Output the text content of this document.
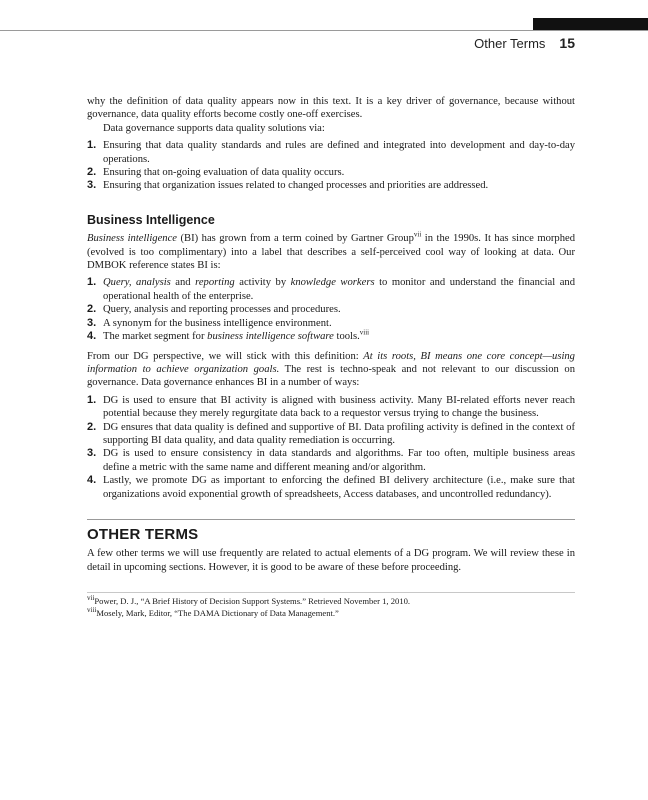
Other Terms 15

why the definition of data quality appears now in this text. It is a key driver of governance, because without governance, data quality efforts become costly one-off exercises.

Data governance supports data quality solutions via:

1. Ensuring that data quality standards and rules are defined and integrated into development and day-to-day operations.
2. Ensuring that on-going evaluation of data quality occurs.
3. Ensuring that organization issues related to changed processes and priorities are addressed.
Business Intelligence

Business intelligence (BI) has grown from a term coined by Gartner Group$^{vii}$ in the 1990s. It has since morphed (evolved is too complimentary) into a label that describes a self-perceived cool way of looking at data. Our DMBOK reference states BI is:

1. Query, analysis and reporting activity by knowledge workers to monitor and understand the financial and operational health of the enterprise.
2. Query, analysis and reporting processes and procedures.
3. A synonym for the business intelligence environment.
4. The market segment for business intelligence software tools.$^{viii}$

From our DG perspective, we will stick with this definition: At its roots, BI means one core concept—using information to achieve organization goals. The rest is techno-speak and not relevant to our discussion on governance. Data governance enhances BI in a number of ways:

1. DG is used to ensure that BI activity is aligned with business activity. Many BI-related efforts never reach potential because they merely regurgitate data back to a requestor versus trying to change the business.
2. DG ensures that data quality is defined and supportive of BI. Data profiling activity is defined in the context of supporting BI data quality, and data quality remediation is occurring.
3. DG is used to ensure consistency in data standards and algorithms. Far too often, multiple business areas define a metric with the same name and different meaning and/or algorithm.
4. Lastly, we promote DG as important to enforcing the defined BI delivery architecture (i.e., make sure that organizations avoid exponential growth of spreadsheets, Access databases, and uncontrolled redundancy).
OTHER TERMS

A few other terms we will use frequently are related to actual elements of a DG program. We will review these in detail in upcoming sections. However, it is good to be aware of these before proceeding.

$^{vii}$Power, D. J., “A Brief History of Decision Support Systems.” Retrieved November 1, 2010.

$^{viii}$Mosely, Mark, Editor, “The DAMA Dictionary of Data Management.”
